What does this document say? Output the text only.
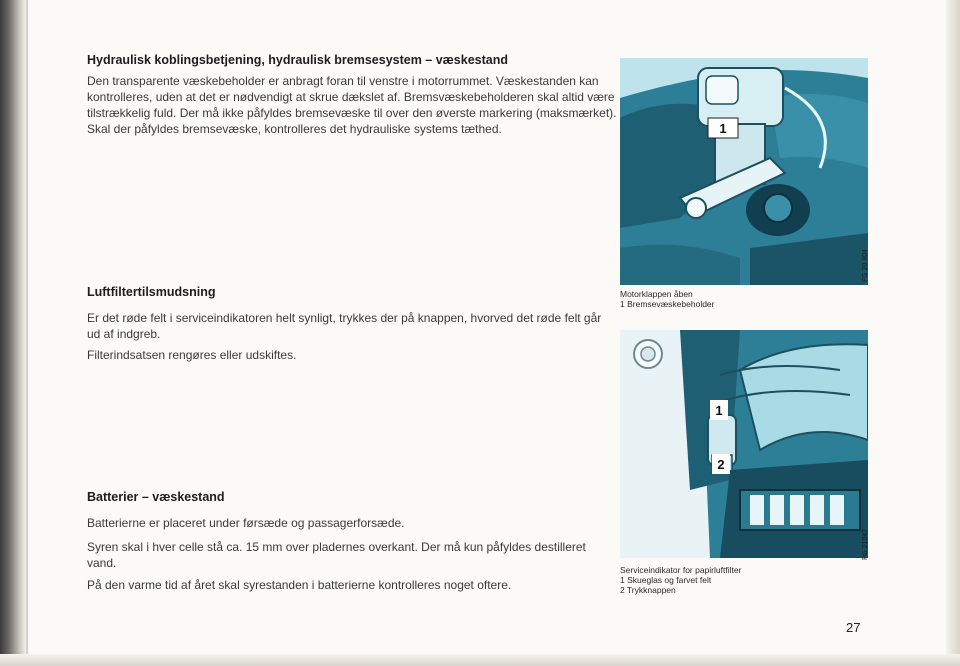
Hydraulisk koblingsbetjening, hydraulisk bremsesystem – væskestand
Den transparente væskebeholder er anbragt foran til venstre i motorrummet. Væskestanden kan kontrolleres, uden at det er nødvendigt at skrue dækslet af. Bremsvæskebeholderen skal altid være tilstrækkelig fuld. Der må ikke påfyldes bremsevæske til over den øverste markering (maksmærket). Skal der påfyldes bremsevæske, kontrolleres det hydrauliske systems tæthed.
Luftfiltertilsmudsning
Er det røde felt i serviceindikatoren helt synligt, trykkes der på knappen, hvorved det røde felt går ud af indgreb.
Filterindsatsen rengøres eller udskiftes.
Batterier – væskestand
Batterierne er placeret under førsæde og passagerforsæde.
Syren skal i hver celle stå ca. 15 mm over pladernes overkant. Der må kun påfyldes destilleret vand.
På den varme tid af året skal syrestanden i batterierne kontrolleres noget oftere.
1
FG 20 804
Motorklappen åben
1 Bremsevæskebeholder
1
2
FG 21047
Serviceindikator for papirluftfilter
1 Skueglas og farvet felt
2 Trykknappen
27
